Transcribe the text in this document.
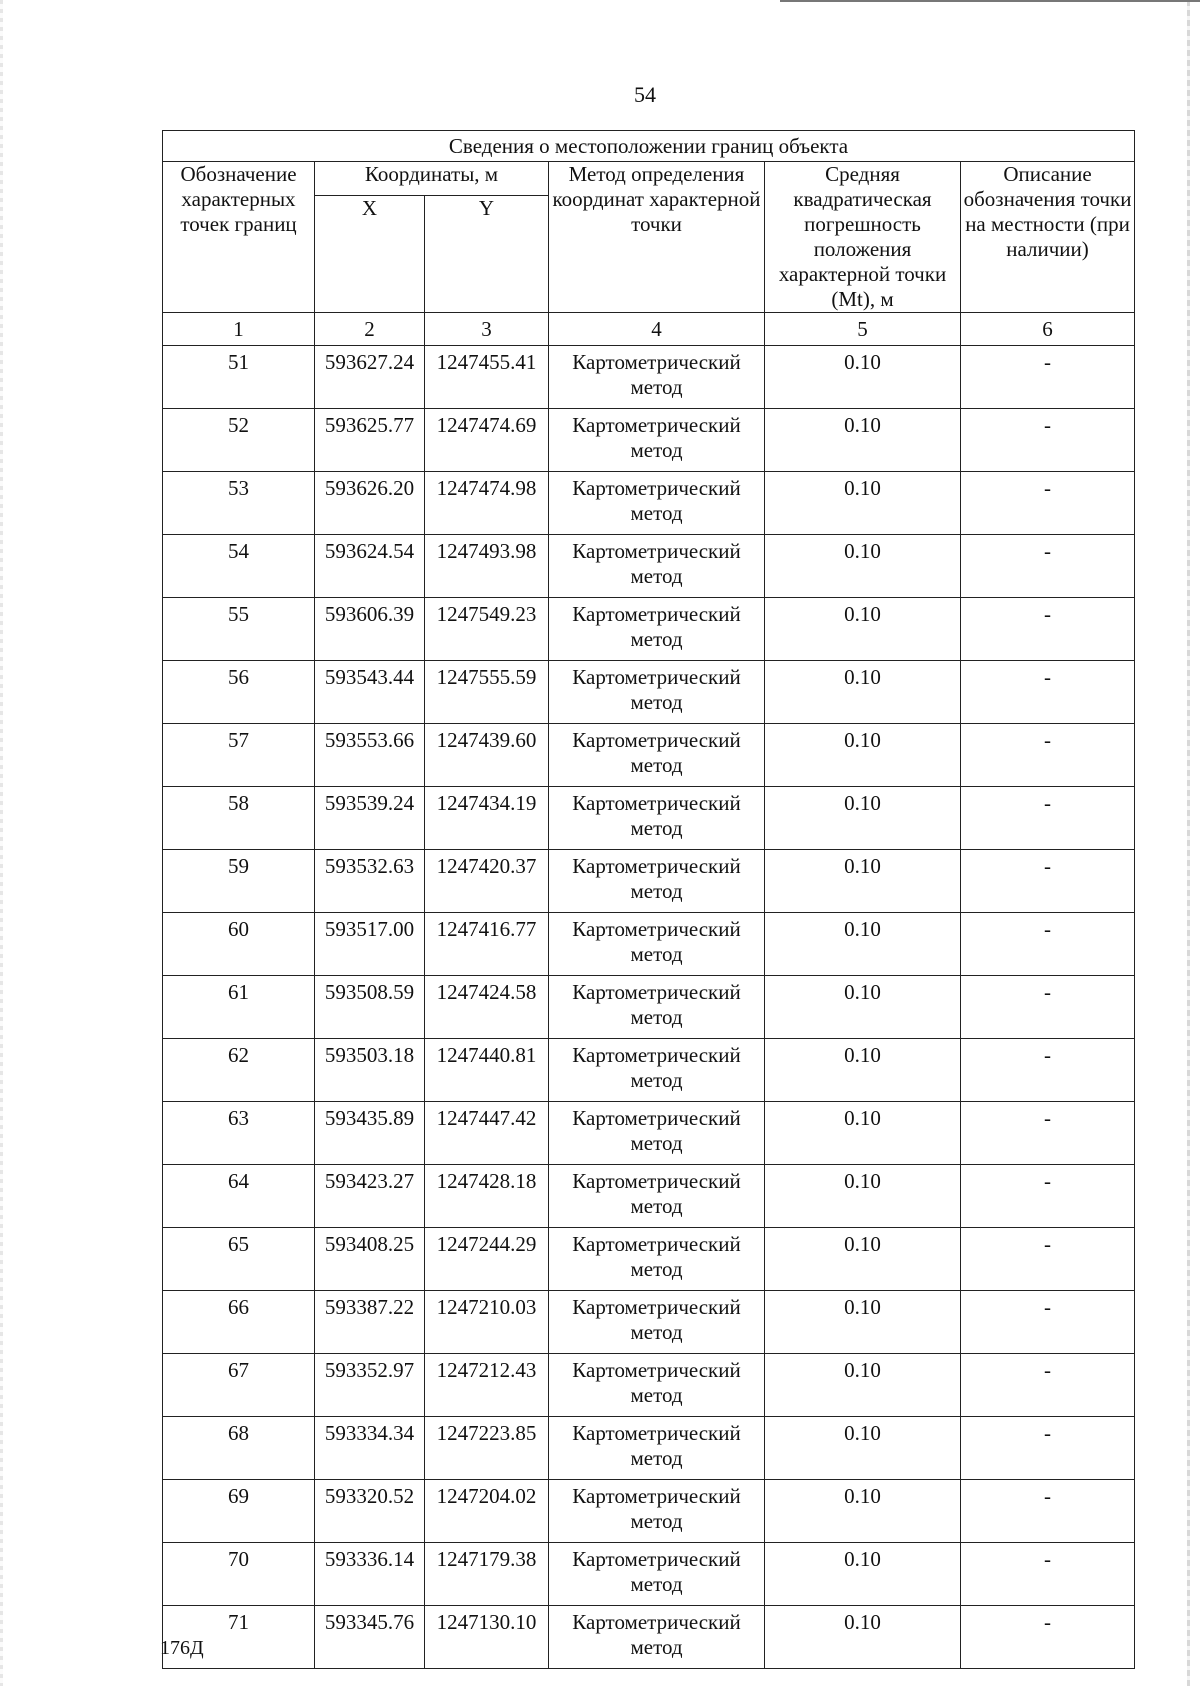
54
Сведения о местоположении границ объекта					
Обозначение характерных точек границ	Координаты, м		Метод определения координат характерной точки	Средняя квадратическая погрешность положения характерной точки (Mt), м	Описание обозначения точки на местности (при наличии)
	X	Y			
1	2	3	4	5	6
51	593627.24	1247455.41	Картометрический метод	0.10	-
52	593625.77	1247474.69	Картометрический метод	0.10	-
53	593626.20	1247474.98	Картометрический метод	0.10	-
54	593624.54	1247493.98	Картометрический метод	0.10	-
55	593606.39	1247549.23	Картометрический метод	0.10	-
56	593543.44	1247555.59	Картометрический метод	0.10	-
57	593553.66	1247439.60	Картометрический метод	0.10	-
58	593539.24	1247434.19	Картометрический метод	0.10	-
59	593532.63	1247420.37	Картометрический метод	0.10	-
60	593517.00	1247416.77	Картометрический метод	0.10	-
61	593508.59	1247424.58	Картометрический метод	0.10	-
62	593503.18	1247440.81	Картометрический метод	0.10	-
63	593435.89	1247447.42	Картометрический метод	0.10	-
64	593423.27	1247428.18	Картометрический метод	0.10	-
65	593408.25	1247244.29	Картометрический метод	0.10	-
66	593387.22	1247210.03	Картометрический метод	0.10	-
67	593352.97	1247212.43	Картометрический метод	0.10	-
68	593334.34	1247223.85	Картометрический метод	0.10	-
69	593320.52	1247204.02	Картометрический метод	0.10	-
70	593336.14	1247179.38	Картометрический метод	0.10	-
71	593345.76	1247130.10	Картометрический метод	0.10	-
176Д
